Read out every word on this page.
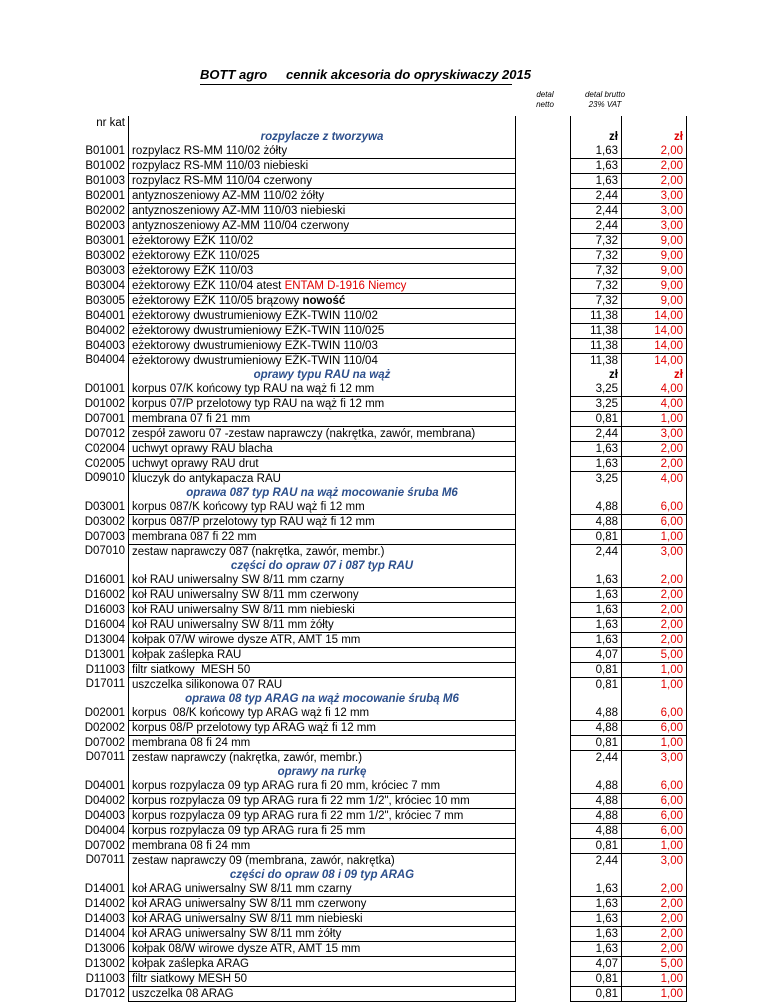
BOTT agro cennik akcesoria do opryskiwaczy 2015
detal
netto
detal brutto
23% VAT
nr kat				
	rozpylacze z tworzywa		zł	zł
B01001	rozpylacz RS-MM 110/02 żółty		1,63	2,00
B01002	rozpylacz RS-MM 110/03 niebieski		1,63	2,00
B01003	rozpylacz RS-MM 110/04 czerwony		1,63	2,00
B02001	antyznoszeniowy AZ-MM 110/02 żółty		2,44	3,00
B02002	antyznoszeniowy AZ-MM 110/03 niebieski		2,44	3,00
B02003	antyznoszeniowy AZ-MM 110/04 czerwony		2,44	3,00
B03001	eżektorowy EŻK 110/02		7,32	9,00
B03002	eżektorowy EŻK 110/025		7,32	9,00
B03003	eżektorowy EŻK 110/03		7,32	9,00
B03004	eżektorowy EŻK 110/04 atest ENTAM D-1916 Niemcy		7,32	9,00
B03005	eżektorowy EŻK 110/05 brązowy nowość		7,32	9,00
B04001	eżektorowy dwustrumieniowy EŻK-TWIN 110/02		11,38	14,00
B04002	eżektorowy dwustrumieniowy EŻK-TWIN 110/025		11,38	14,00
B04003	eżektorowy dwustrumieniowy EŻK-TWIN 110/03		11,38	14,00
B04004	eżektorowy dwustrumieniowy EŻK-TWIN 110/04		11,38	14,00
	oprawy typu RAU na wąż		zł	zł
D01001	korpus 07/K końcowy typ RAU na wąż fi 12 mm		3,25	4,00
D01002	korpus 07/P przelotowy typ RAU na wąż fi 12 mm		3,25	4,00
D07001	membrana 07 fi 21 mm		0,81	1,00
D07012	zespół zaworu 07 -zestaw naprawczy (nakrętka, zawór, membrana)		2,44	3,00
C02004	uchwyt oprawy RAU blacha		1,63	2,00
C02005	uchwyt oprawy RAU drut		1,63	2,00
D09010	kluczyk do antykapacza RAU		3,25	4,00
	oprawa 087 typ RAU na wąż mocowanie śruba M6			
D03001	korpus 087/K końcowy typ RAU wąż fi 12 mm		4,88	6,00
D03002	korpus 087/P przelotowy typ RAU wąż fi 12 mm		4,88	6,00
D07003	membrana 087 fi 22 mm		0,81	1,00
D07010	zestaw naprawczy 087 (nakrętka, zawór, membr.)		2,44	3,00
	części do opraw 07 i 087 typ RAU			
D16001	koł RAU uniwersalny SW 8/11 mm czarny		1,63	2,00
D16002	koł RAU uniwersalny SW 8/11 mm czerwony		1,63	2,00
D16003	koł RAU uniwersalny SW 8/11 mm niebieski		1,63	2,00
D16004	koł RAU uniwersalny SW 8/11 mm żółty		1,63	2,00
D13004	kołpak 07/W wirowe dysze ATR, AMT 15 mm		1,63	2,00
D13001	kołpak zaślepka RAU		4,07	5,00
D11003	filtr siatkowy  MESH 50		0,81	1,00
D17011	uszczelka silikonowa 07 RAU		0,81	1,00
	oprawa 08 typ ARAG na wąż mocowanie śrubą M6			
D02001	korpus  08/K końcowy typ ARAG wąż fi 12 mm		4,88	6,00
D02002	korpus 08/P przelotowy typ ARAG wąż fi 12 mm		4,88	6,00
D07002	membrana 08 fi 24 mm		0,81	1,00
D07011	zestaw naprawczy (nakrętka, zawór, membr.)		2,44	3,00
	oprawy na rurkę			
D04001	korpus rozpylacza 09 typ ARAG rura fi 20 mm, króciec 7 mm		4,88	6,00
D04002	korpus rozpylacza 09 typ ARAG rura fi 22 mm 1/2", króciec 10 mm		4,88	6,00
D04003	korpus rozpylacza 09 typ ARAG rura fi 22 mm 1/2", króciec 7 mm		4,88	6,00
D04004	korpus rozpylacza 09 typ ARAG rura fi 25 mm		4,88	6,00
D07002	membrana 08 fi 24 mm		0,81	1,00
D07011	zestaw naprawczy 09 (membrana, zawór, nakrętka)		2,44	3,00
	części do opraw 08 i 09 typ ARAG			
D14001	koł ARAG uniwersalny SW 8/11 mm czarny		1,63	2,00
D14002	koł ARAG uniwersalny SW 8/11 mm czerwony		1,63	2,00
D14003	koł ARAG uniwersalny SW 8/11 mm niebieski		1,63	2,00
D14004	koł ARAG uniwersalny SW 8/11 mm żółty		1,63	2,00
D13006	kołpak 08/W wirowe dysze ATR, AMT 15 mm		1,63	2,00
D13002	kołpak zaślepka ARAG		4,07	5,00
D11003	filtr siatkowy MESH 50		0,81	1,00
D17012	uszczelka 08 ARAG		0,81	1,00
